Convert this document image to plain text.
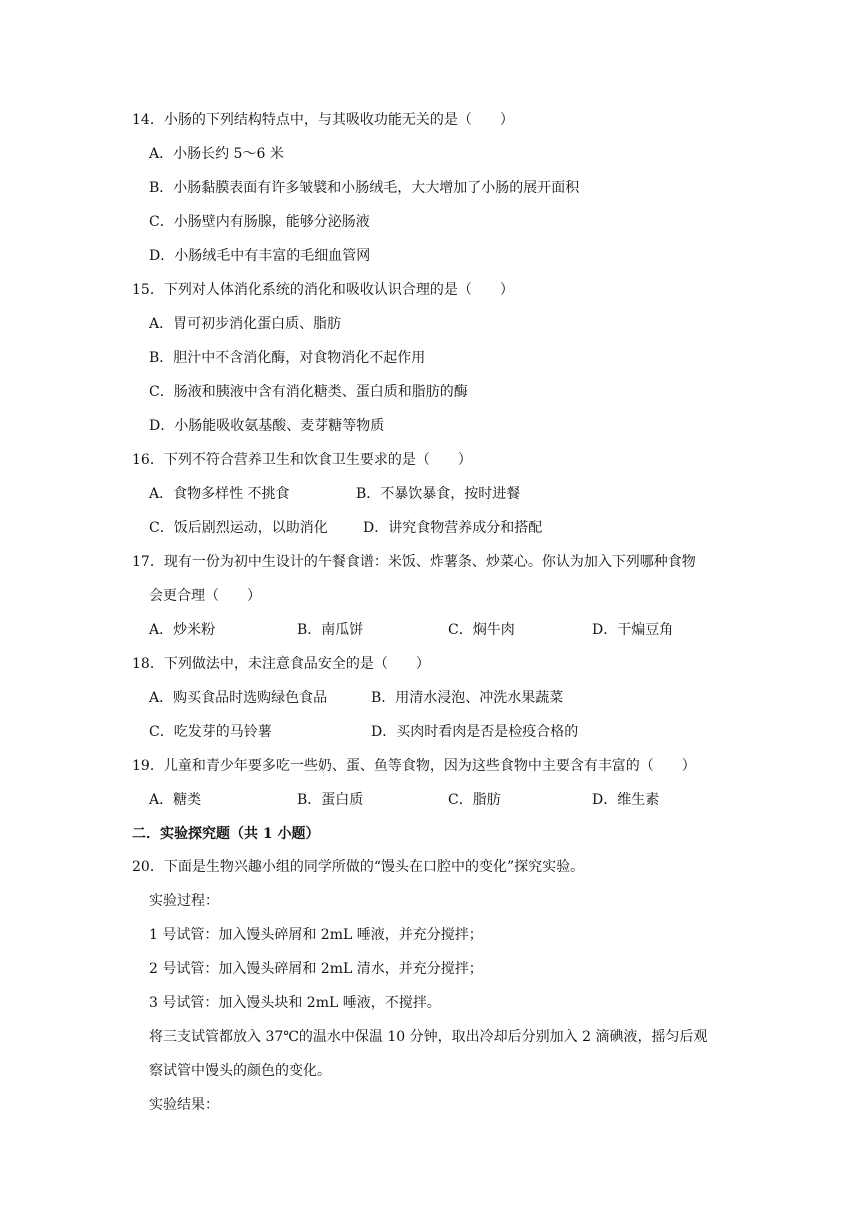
14．小肠的下列结构特点中，与其吸收功能无关的是（　　）
A．小肠长约 5～6 米
B．小肠黏膜表面有许多皱襞和小肠绒毛，大大增加了小肠的展开面积
C．小肠壁内有肠腺，能够分泌肠液
D．小肠绒毛中有丰富的毛细血管网
15．下列对人体消化系统的消化和吸收认识合理的是（　　）
A．胃可初步消化蛋白质、脂肪
B．胆汁中不含消化酶，对食物消化不起作用
C．肠液和胰液中含有消化糖类、蛋白质和脂肪的酶
D．小肠能吸收氨基酸、麦芽糖等物质
16．下列不符合营养卫生和饮食卫生要求的是（　　）
A．食物多样性 不挑食	B．不暴饮暴食，按时进餐
C．饭后剧烈运动，以助消化	D．讲究食物营养成分和搭配
17．现有一份为初中生设计的午餐食谱：米饭、炸薯条、炒菜心。你认为加入下列哪种食物
会更合理（　　）
A．炒米粉	B．南瓜饼	C．焖牛肉	D．干煸豆角
18．下列做法中，未注意食品安全的是（　　）
A．购买食品时选购绿色食品	B．用清水浸泡、冲洗水果蔬菜
C．吃发芽的马铃薯	D．买肉时看肉是否是检疫合格的
19．儿童和青少年要多吃一些奶、蛋、鱼等食物，因为这些食物中主要含有丰富的（　　）
A．糖类	B．蛋白质	C．脂肪	D．维生素
二．实验探究题（共 1 小题）
20．下面是生物兴趣小组的同学所做的“馒头在口腔中的变化”探究实验。
实验过程：
1 号试管：加入馒头碎屑和 2mL 唾液，并充分搅拌；
2 号试管：加入馒头碎屑和 2mL 清水，并充分搅拌；
3 号试管：加入馒头块和 2mL 唾液，不搅拌。
将三支试管都放入 37℃的温水中保温 10 分钟，取出冷却后分别加入 2 滴碘液，摇匀后观
察试管中馒头的颜色的变化。
实验结果：
